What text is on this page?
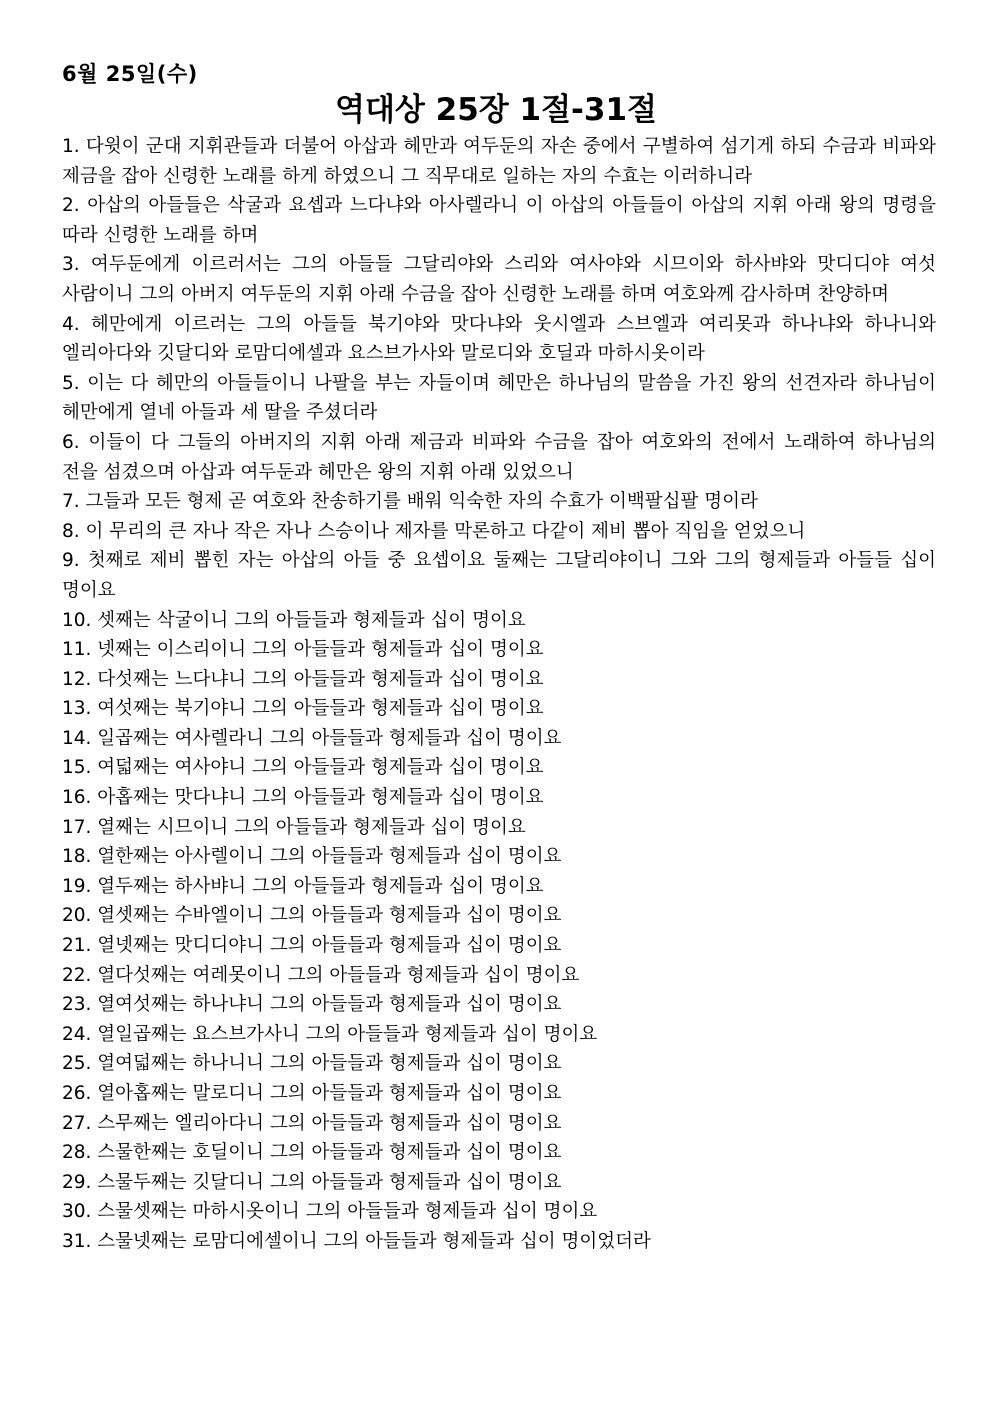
6월 25일(수)
역대상 25장 1절-31절
1. 다윗이 군대 지휘관들과 더불어 아삽과 헤만과 여두둔의 자손 중에서 구별하여 섬기게 하되 수금과 비파와 제금을 잡아 신령한 노래를 하게 하였으니 그 직무대로 일하는 자의 수효는 이러하니라
2. 아삽의 아들들은 삭굴과 요셉과 느다냐와 아사렐라니 이 아삽의 아들들이 아삽의 지휘 아래 왕의 명령을 따라 신령한 노래를 하며
3. 여두둔에게 이르러서는 그의 아들들 그달리야와 스리와 여사야와 시므이와 하사뱌와 맛디디야 여섯 사람이니 그의 아버지 여두둔의 지휘 아래 수금을 잡아 신령한 노래를 하며 여호와께 감사하며 찬양하며
4. 헤만에게 이르러는 그의 아들들 북기야와 맛다냐와 웃시엘과 스브엘과 여리못과 하나냐와 하나니와 엘리아다와 깃달디와 로맘디에셀과 요스브가사와 말로디와 호딜과 마하시옷이라
5. 이는 다 헤만의 아들들이니 나팔을 부는 자들이며 헤만은 하나님의 말씀을 가진 왕의 선견자라 하나님이 헤만에게 열네 아들과 세 딸을 주셨더라
6. 이들이 다 그들의 아버지의 지휘 아래 제금과 비파와 수금을 잡아 여호와의 전에서 노래하여 하나님의 전을 섬겼으며 아삽과 여두둔과 헤만은 왕의 지휘 아래 있었으니
7. 그들과 모든 형제 곧 여호와 찬송하기를 배워 익숙한 자의 수효가 이백팔십팔 명이라
8. 이 무리의 큰 자나 작은 자나 스승이나 제자를 막론하고 다같이 제비 뽑아 직임을 얻었으니
9. 첫째로 제비 뽑힌 자는 아삽의 아들 중 요셉이요 둘째는 그달리야이니 그와 그의 형제들과 아들들 십이 명이요
10. 셋째는 삭굴이니 그의 아들들과 형제들과 십이 명이요
11. 넷째는 이스리이니 그의 아들들과 형제들과 십이 명이요
12. 다섯째는 느다냐니 그의 아들들과 형제들과 십이 명이요
13. 여섯째는 북기야니 그의 아들들과 형제들과 십이 명이요
14. 일곱째는 여사렐라니 그의 아들들과 형제들과 십이 명이요
15. 여덟째는 여사야니 그의 아들들과 형제들과 십이 명이요
16. 아홉째는 맛다냐니 그의 아들들과 형제들과 십이 명이요
17. 열째는 시므이니 그의 아들들과 형제들과 십이 명이요
18. 열한째는 아사렐이니 그의 아들들과 형제들과 십이 명이요
19. 열두째는 하사뱌니 그의 아들들과 형제들과 십이 명이요
20. 열셋째는 수바엘이니 그의 아들들과 형제들과 십이 명이요
21. 열넷째는 맛디디야니 그의 아들들과 형제들과 십이 명이요
22. 열다섯째는 여레못이니 그의 아들들과 형제들과 십이 명이요
23. 열여섯째는 하나냐니 그의 아들들과 형제들과 십이 명이요
24. 열일곱째는 요스브가사니 그의 아들들과 형제들과 십이 명이요
25. 열여덟째는 하나니니 그의 아들들과 형제들과 십이 명이요
26. 열아홉째는 말로디니 그의 아들들과 형제들과 십이 명이요
27. 스무째는 엘리아다니 그의 아들들과 형제들과 십이 명이요
28. 스물한째는 호딜이니 그의 아들들과 형제들과 십이 명이요
29. 스물두째는 깃달디니 그의 아들들과 형제들과 십이 명이요
30. 스물셋째는 마하시옷이니 그의 아들들과 형제들과 십이 명이요
31. 스물넷째는 로맘디에셀이니 그의 아들들과 형제들과 십이 명이었더라
